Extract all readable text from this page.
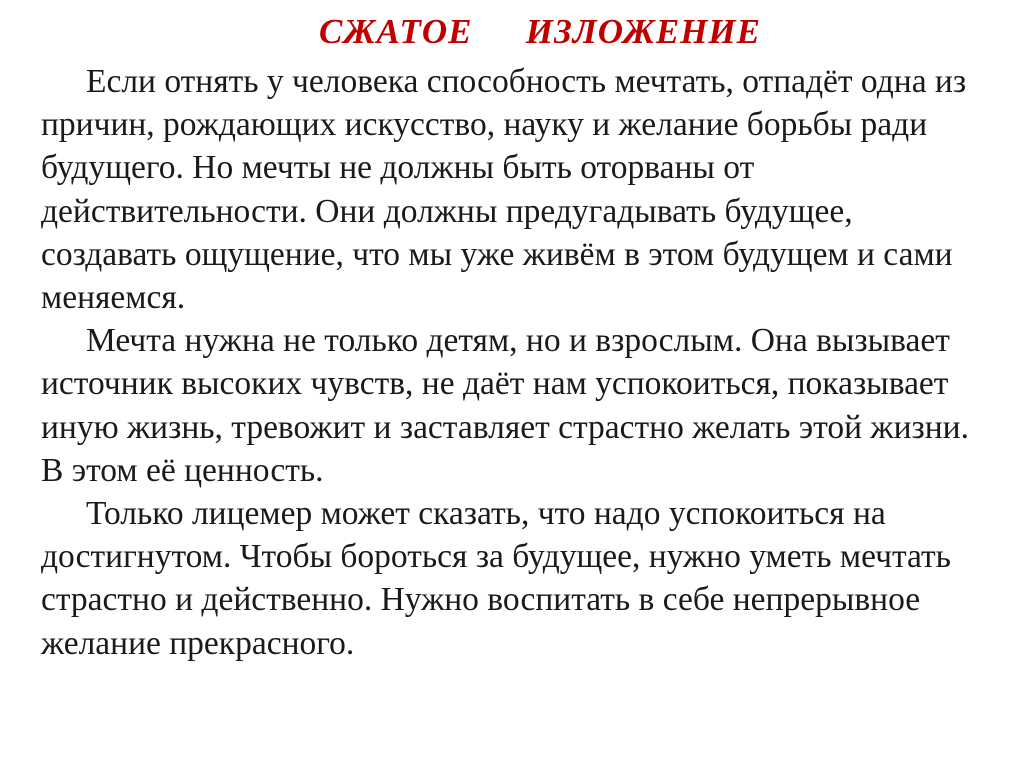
СЖАТОЕ   ИЗЛОЖЕНИЕ

Если отнять у человека способность мечтать, отпадёт одна из причин, рождающих искусство, науку и желание борьбы ради будущего. Но мечты не должны быть оторваны от действительности. Они должны предугадывать будущее, создавать ощущение, что мы уже живём в этом будущем и сами меняемся.

Мечта нужна не только детям, но и взрослым. Она вызывает источник высоких чувств, не даёт нам успокоиться, показывает иную жизнь, тревожит и заставляет страстно желать этой жизни. В этом её ценность.

Только лицемер может сказать, что надо успокоиться на достигнутом. Чтобы бороться за будущее, нужно уметь мечтать страстно и действенно. Нужно воспитать в себе непрерывное желание прекрасного.
